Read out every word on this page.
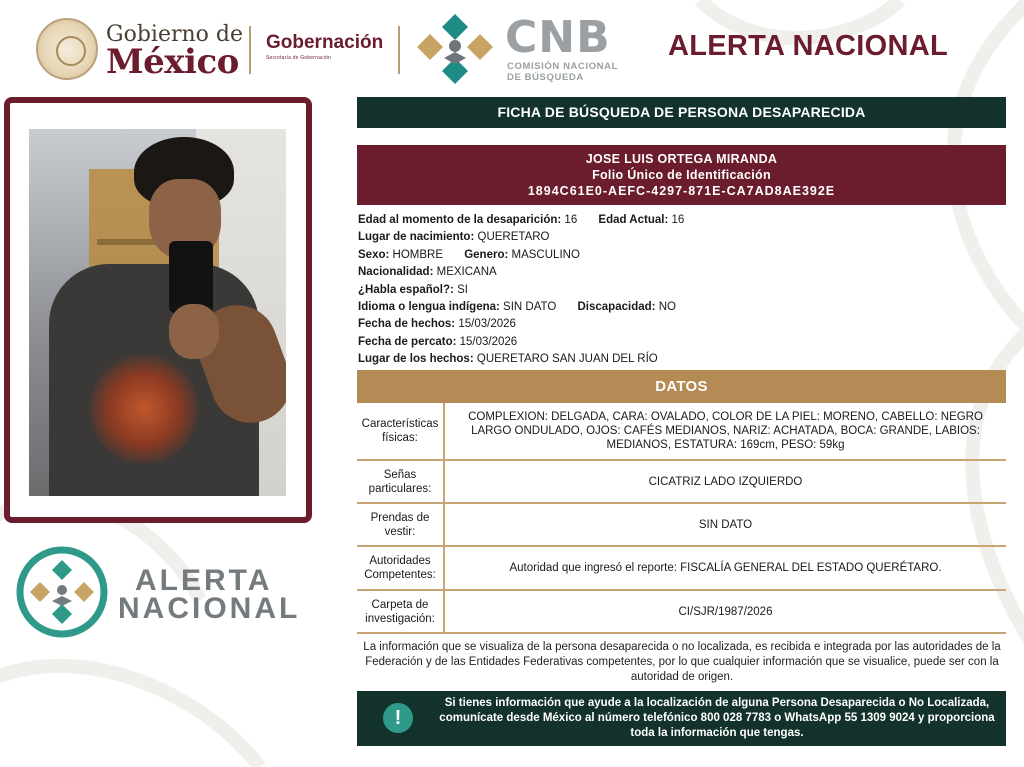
Gobierno de
México Gobernación
Secretaría de Gobernación	CNB
COMISIÓN NACIONAL
DE BÚSQUEDA
ALERTA NACIONAL
ALERTA
NACIONAL
FICHA DE BÚSQUEDA DE PERSONA DESAPARECIDA
JOSE LUIS ORTEGA MIRANDA
Folio Único de Identificación
1894C61E0-AEFC-4297-871E-CA7AD8AE392E
Edad al momento de la desaparición: 16 Edad Actual: 16
Lugar de nacimiento: QUERETARO
Sexo: HOMBRE Genero: MASCULINO
Nacionalidad: MEXICANA
¿Habla español?: SI
Idioma o lengua indígena: SIN DATO Discapacidad: NO
Fecha de hechos: 15/03/2026
Fecha de percato: 15/03/2026
Lugar de los hechos: QUERETARO SAN JUAN DEL RÍO
DATOS
Características físicas:
COMPLEXION: DELGADA, CARA: OVALADO, COLOR DE LA PIEL: MORENO, CABELLO: NEGRO LARGO ONDULADO, OJOS: CAFÉS MEDIANOS, NARIZ: ACHATADA, BOCA: GRANDE, LABIOS: MEDIANOS, ESTATURA: 169cm, PESO: 59kg
Señas particulares:
CICATRIZ LADO IZQUIERDO
Prendas de vestir:
SIN DATO
Autoridades Competentes:
Autoridad que ingresó el reporte: FISCALÍA GENERAL DEL ESTADO QUERÉTARO.
Carpeta de investigación:
CI/SJR/1987/2026
La información que se visualiza de la persona desaparecida o no localizada, es recibida e integrada por las autoridades de la Federación y de las Entidades Federativas competentes, por lo que cualquier información que se visualice, puede ser con la autoridad de origen.
!
Si tienes información que ayude a la localización de alguna Persona Desaparecida o No Localizada, comunícate desde México al número telefónico 800 028 7783 o WhatsApp 55 1309 9024 y proporciona toda la información que tengas.
